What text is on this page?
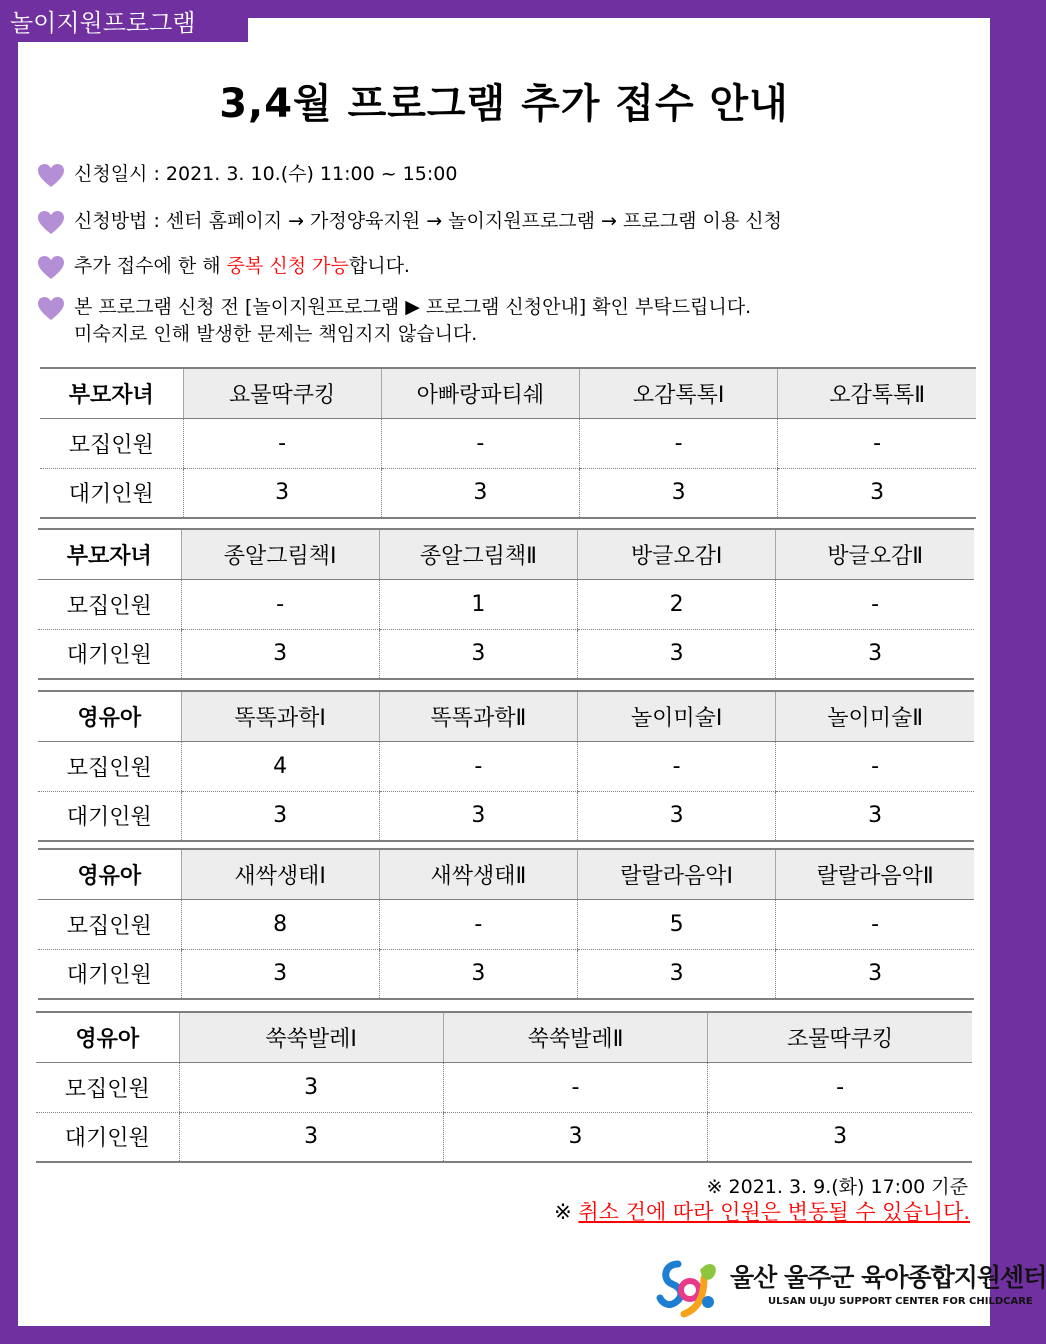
놀이지원프로그램
3,4월 프로그램 추가 접수 안내
신청일시 : 2021. 3. 10.(수) 11:00 ~ 15:00
신청방법 : 센터 홈페이지 → 가정양육지원 → 놀이지원프로그램 → 프로그램 이용 신청
추가 접수에 한 해 중복 신청 가능합니다.
본 프로그램 신청 전 [놀이지원프로그램 ▶ 프로그램 신청안내] 확인 부탁드립니다.
미숙지로 인해 발생한 문제는 책임지지 않습니다.
부모자녀	요물딱쿠킹	아빠랑파티쉐	오감톡톡Ⅰ	오감톡톡Ⅱ
모집인원	-	-	-	-
대기인원	3	3	3	3
부모자녀	종알그림책Ⅰ	종알그림책Ⅱ	방글오감Ⅰ	방글오감Ⅱ
모집인원	-	1	2	-
대기인원	3	3	3	3
영유아	똑똑과학Ⅰ	똑똑과학Ⅱ	놀이미술Ⅰ	놀이미술Ⅱ
모집인원	4	-	-	-
대기인원	3	3	3	3
영유아	새싹생태Ⅰ	새싹생태Ⅱ	랄랄라음악Ⅰ	랄랄라음악Ⅱ
모집인원	8	-	5	-
대기인원	3	3	3	3
영유아	쑥쑥발레Ⅰ	쑥쑥발레Ⅱ	조물딱쿠킹
모집인원	3	-	-
대기인원	3	3	3
※ 2021. 3. 9.(화) 17:00 기준
※ 취소 건에 따라 인원은 변동될 수 있습니다.
울산 울주군 육아종합지원센터
ULSAN ULJU SUPPORT CENTER FOR CHILDCARE
